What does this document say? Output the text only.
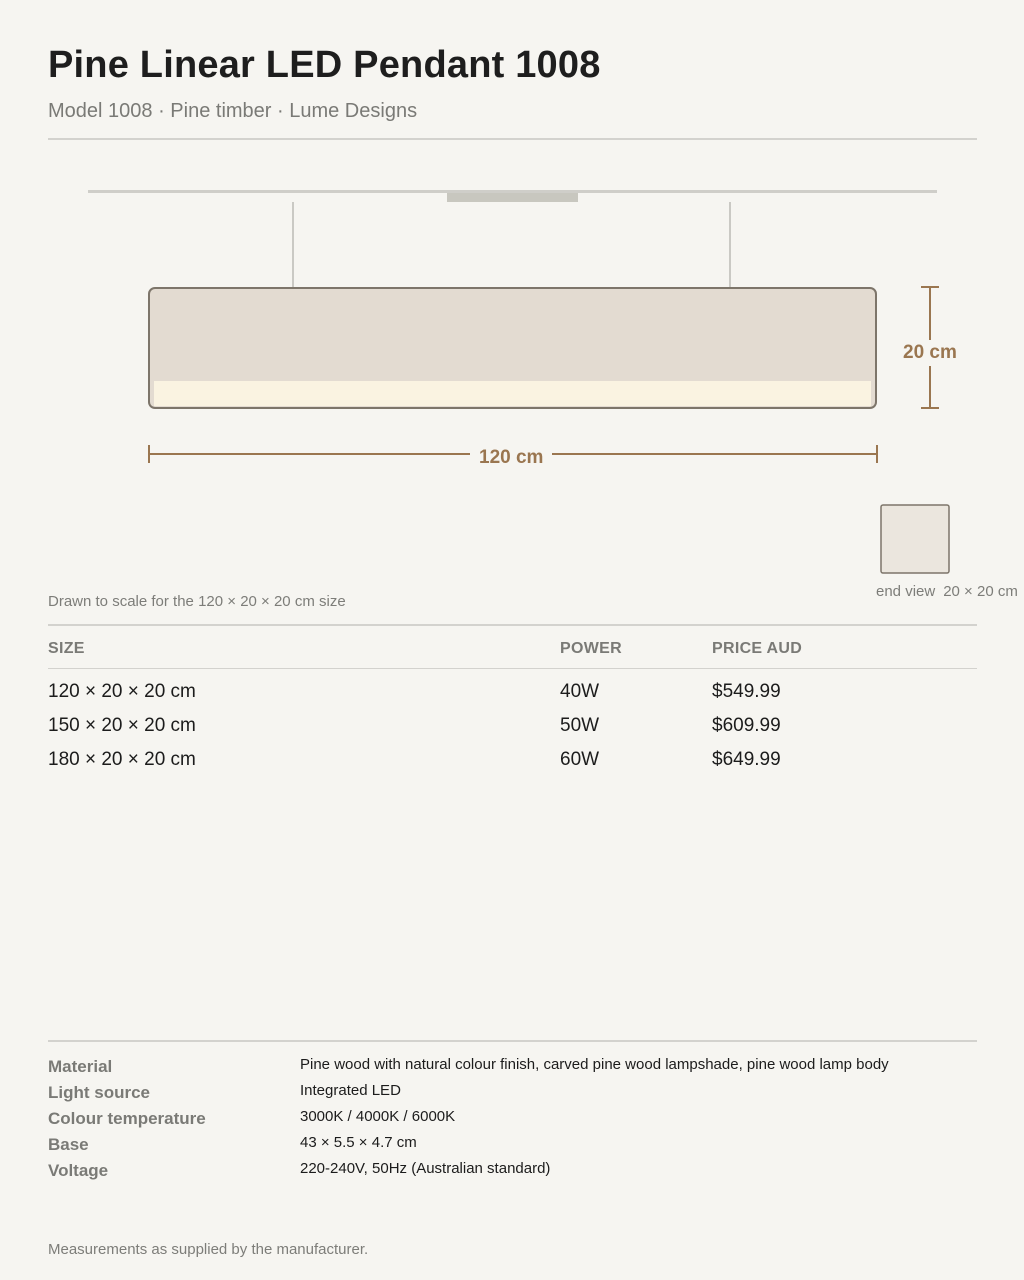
Pine Linear LED Pendant 1008
Model 1008 · Pine timber · Lume Designs
20 cm
120 cm
end view 20 × 20 cm
Drawn to scale for the 120 × 20 × 20 cm size
SIZE	POWER	PRICE AUD
120 × 20 × 20 cm	40W	$549.99
150 × 20 × 20 cm	50W	$609.99
180 × 20 × 20 cm	60W	$649.99
Material	Pine wood with natural colour finish, carved pine wood lampshade, pine wood lamp body
Light source	Integrated LED
Colour temperature	3000K / 4000K / 6000K
Base	43 × 5.5 × 4.7 cm
Voltage	220-240V, 50Hz (Australian standard)
Measurements as supplied by the manufacturer.
